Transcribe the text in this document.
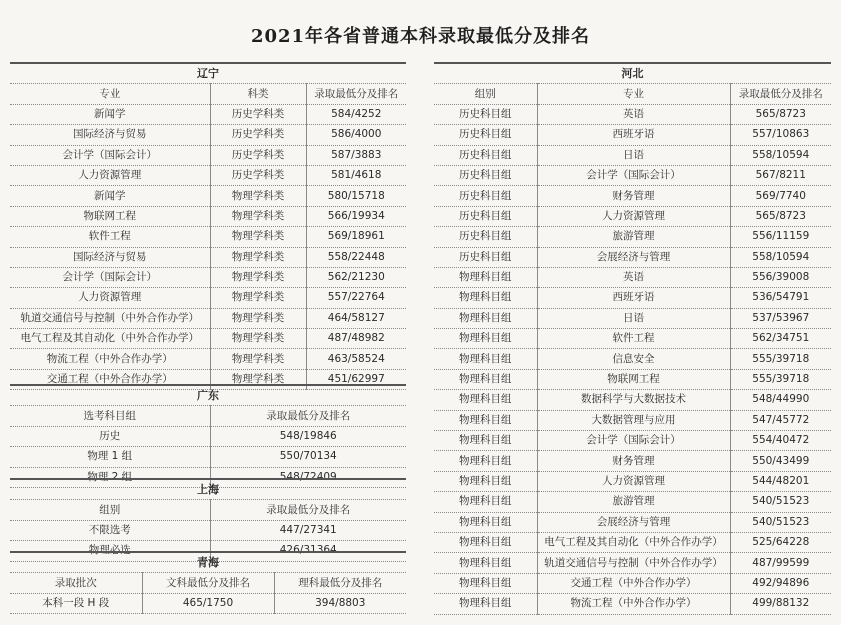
2021年各省普通本科录取最低分及排名
辽宁		
专业	科类	录取最低分及排名
新闻学	历史学科类	584/4252
国际经济与贸易	历史学科类	586/4000
会计学（国际会计）	历史学科类	587/3883
人力资源管理	历史学科类	581/4618
新闻学	物理学科类	580/15718
物联网工程	物理学科类	566/19934
软件工程	物理学科类	569/18961
国际经济与贸易	物理学科类	558/22448
会计学（国际会计）	物理学科类	562/21230
人力资源管理	物理学科类	557/22764
轨道交通信号与控制（中外合作办学）	物理学科类	464/58127
电气工程及其自动化（中外合作办学）	物理学科类	487/48982
物流工程（中外合作办学）	物理学科类	463/58524
交通工程（中外合作办学）	物理学科类	451/62997
广东	
选考科目组	录取最低分及排名
历史	548/19846
物理 1 组	550/70134
物理 2 组	548/72409
上海	
组别	录取最低分及排名
不限选考	447/27341
物理必选	426/31364
青海		
录取批次	文科最低分及排名	理科最低分及排名
本科一段 H 段	465/1750	394/8803
河北		
组别	专业	录取最低分及排名
历史科目组	英语	565/8723
历史科目组	西班牙语	557/10863
历史科目组	日语	558/10594
历史科目组	会计学（国际会计）	567/8211
历史科目组	财务管理	569/7740
历史科目组	人力资源管理	565/8723
历史科目组	旅游管理	556/11159
历史科目组	会展经济与管理	558/10594
物理科目组	英语	556/39008
物理科目组	西班牙语	536/54791
物理科目组	日语	537/53967
物理科目组	软件工程	562/34751
物理科目组	信息安全	555/39718
物理科目组	物联网工程	555/39718
物理科目组	数据科学与大数据技术	548/44990
物理科目组	大数据管理与应用	547/45772
物理科目组	会计学（国际会计）	554/40472
物理科目组	财务管理	550/43499
物理科目组	人力资源管理	544/48201
物理科目组	旅游管理	540/51523
物理科目组	会展经济与管理	540/51523
物理科目组	电气工程及其自动化（中外合作办学）	525/64228
物理科目组	轨道交通信号与控制（中外合作办学）	487/99599
物理科目组	交通工程（中外合作办学）	492/94896
物理科目组	物流工程（中外合作办学）	499/88132
